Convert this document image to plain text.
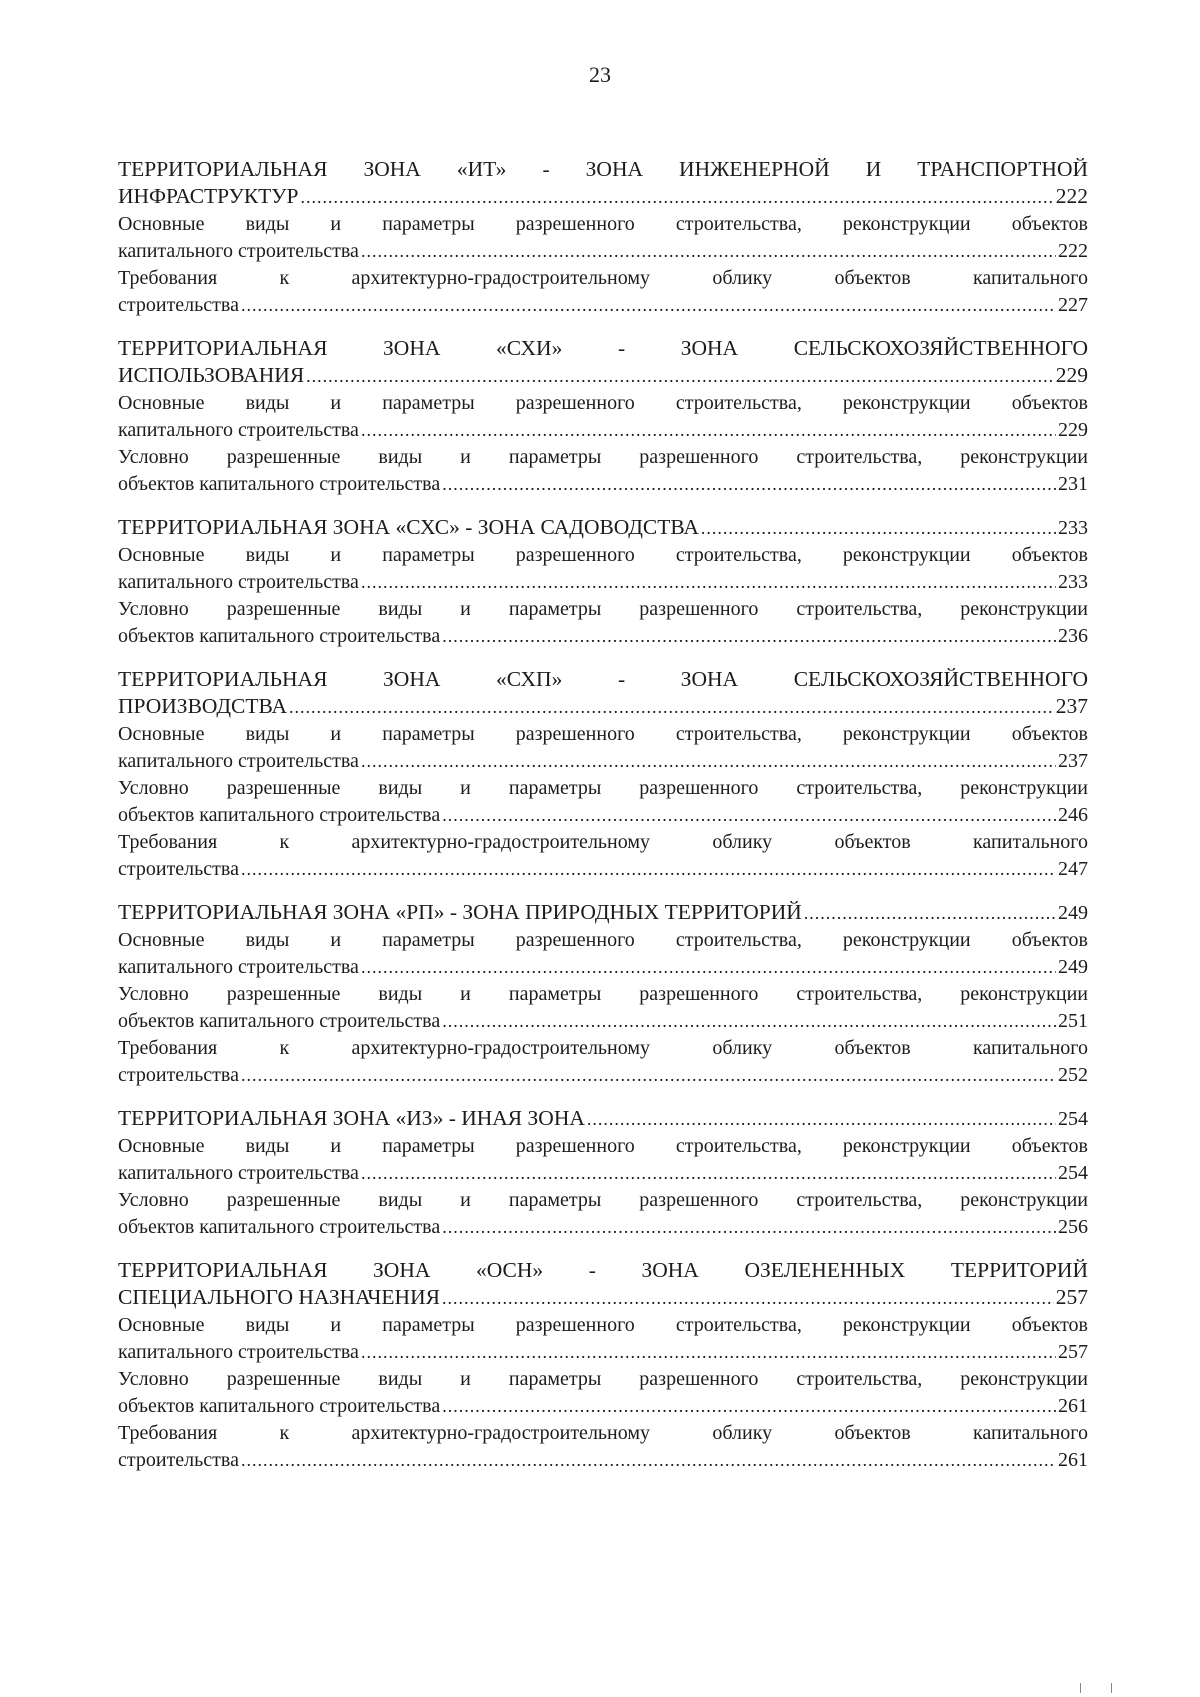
23
ТЕРРИТОРИАЛЬНАЯ ЗОНА «ИТ» - ЗОНА ИНЖЕНЕРНОЙ И ТРАНСПОРТНОЙ
ИНФРАСТРУКТУР .....	222
Основные виды и параметры разрешенного строительства, реконструкции объектов
капитального строительства .....	222
Требования к архитектурно-градостроительному облику объектов капитального
строительства .....	227
ТЕРРИТОРИАЛЬНАЯ ЗОНА «СХИ» - ЗОНА СЕЛЬСКОХОЗЯЙСТВЕННОГО
ИСПОЛЬЗОВАНИЯ .....	229
Основные виды и параметры разрешенного строительства, реконструкции объектов
капитального строительства .....	229
Условно разрешенные виды и параметры разрешенного строительства, реконструкции
объектов капитального строительства .....	231
ТЕРРИТОРИАЛЬНАЯ ЗОНА «СХС» - ЗОНА САДОВОДСТВА .....	233
Основные виды и параметры разрешенного строительства, реконструкции объектов
капитального строительства .....	233
Условно разрешенные виды и параметры разрешенного строительства, реконструкции
объектов капитального строительства .....	236
ТЕРРИТОРИАЛЬНАЯ ЗОНА «СХП» - ЗОНА СЕЛЬСКОХОЗЯЙСТВЕННОГО
ПРОИЗВОДСТВА .....	237
Основные виды и параметры разрешенного строительства, реконструкции объектов
капитального строительства .....	237
Условно разрешенные виды и параметры разрешенного строительства, реконструкции
объектов капитального строительства .....	246
Требования к архитектурно-градостроительному облику объектов капитального
строительства .....	247
ТЕРРИТОРИАЛЬНАЯ ЗОНА «РП» - ЗОНА ПРИРОДНЫХ ТЕРРИТОРИЙ .....	249
Основные виды и параметры разрешенного строительства, реконструкции объектов
капитального строительства .....	249
Условно разрешенные виды и параметры разрешенного строительства, реконструкции
объектов капитального строительства .....	251
Требования к архитектурно-градостроительному облику объектов капитального
строительства .....	252
ТЕРРИТОРИАЛЬНАЯ ЗОНА «ИЗ» - ИНАЯ ЗОНА .....	254
Основные виды и параметры разрешенного строительства, реконструкции объектов
капитального строительства .....	254
Условно разрешенные виды и параметры разрешенного строительства, реконструкции
объектов капитального строительства .....	256
ТЕРРИТОРИАЛЬНАЯ ЗОНА «ОСН» - ЗОНА ОЗЕЛЕНЕННЫХ ТЕРРИТОРИЙ
СПЕЦИАЛЬНОГО НАЗНАЧЕНИЯ .....	257
Основные виды и параметры разрешенного строительства, реконструкции объектов
капитального строительства .....	257
Условно разрешенные виды и параметры разрешенного строительства, реконструкции
объектов капитального строительства .....	261
Требования к архитектурно-градостроительному облику объектов капитального
строительства .....	261
